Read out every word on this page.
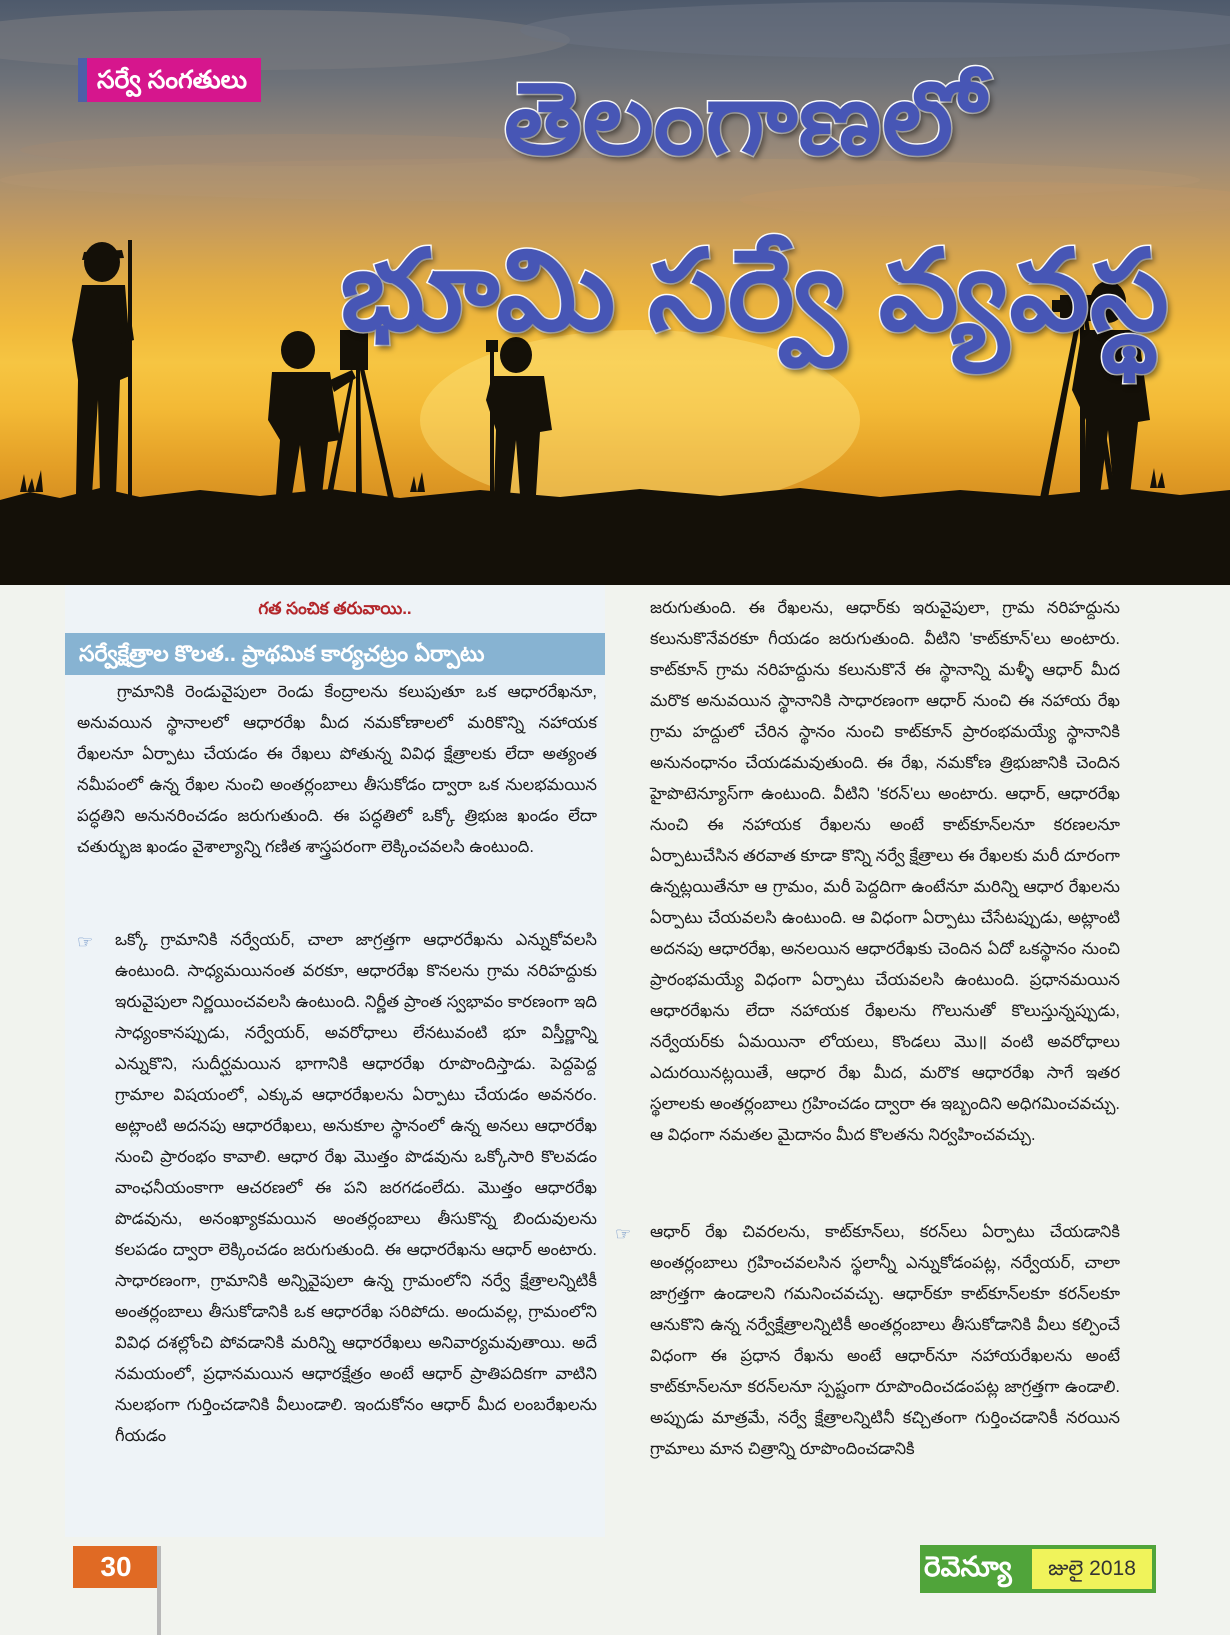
సర్వే సంగతులు	తెలంగాణలో
భూమి సర్వే వ్యవస్థ
గత సంచిక తరువాయి..
సర్వేక్షేత్రాల కొలత.. ప్రాథమిక కార్యచట్రం ఏర్పాటు

గ్రామానికి రెండువైపులా రెండు కేంద్రాలను కలుపుతూ ఒక ఆధారరేఖనూ, అనువయిన స్థానాలలో ఆధారరేఖ మీద నమకోణాలలో మరికొన్ని నహాయక రేఖలనూ ఏర్పాటు చేయడం ఈ రేఖలు పోతున్న వివిధ క్షేత్రాలకు లేదా అత్యంత నమీపంలో ఉన్న రేఖల నుంచి అంతర్లంబాలు తీసుకోడం ద్వారా ఒక నులభమయిన పద్ధతిని అనునరించడం జరుగుతుంది. ఈ పద్ధతిలో ఒక్కో త్రిభుజ ఖండం లేదా చతుర్భుజ ఖండం వైశాల్యాన్ని గణిత శాస్త్రపరంగా లెక్కించవలసి ఉంటుంది.

☞ ఒక్కో గ్రామానికి నర్వేయర్, చాలా జాగ్రత్తగా ఆధారరేఖను ఎన్నుకోవలసి ఉంటుంది. సాధ్యమయినంత వరకూ, ఆధారరేఖ కొనలను గ్రామ నరిహద్దుకు ఇరువైపులా నిర్ణయించవలసి ఉంటుంది. నిర్ణీత ప్రాంత స్వభావం కారణంగా ఇది సాధ్యంకానప్పుడు, నర్వేయర్, అవరోధాలు లేనటువంటి భూ విస్తీర్ణాన్ని ఎన్నుకొని, సుదీర్ఘమయిన భాగానికి ఆధారరేఖ రూపొందిస్తాడు. పెద్దపెద్ద గ్రామాల విషయంలో, ఎక్కువ ఆధారరేఖలను ఏర్పాటు చేయడం అవనరం. అట్లాంటి అదనపు ఆధారరేఖలు, అనుకూల స్థానంలో ఉన్న అనలు ఆధారరేఖ నుంచి ప్రారంభం కావాలి. ఆధార రేఖ మొత్తం పొడవును ఒక్కోసారి కొలవడం వాంఛనీయంకాగా ఆచరణలో ఈ పని జరగడంలేదు. మొత్తం ఆధారరేఖ పొడవును, అనంఖ్యాకమయిన అంతర్లంబాలు తీసుకొన్న బిందువులను కలపడం ద్వారా లెక్కించడం జరుగుతుంది. ఈ ఆధారరేఖను ఆధార్ అంటారు. సాధారణంగా, గ్రామానికి అన్నివైపులా ఉన్న గ్రామంలోని నర్వే క్షేత్రాలన్నిటికీ అంతర్లంబాలు తీసుకోడానికి ఒక ఆధారరేఖ సరిపోదు. అందువల్ల, గ్రామంలోని వివిధ దశల్లోంచి పోవడానికి మరిన్ని ఆధారరేఖలు అనివార్యమవుతాయి. అదే నమయంలో, ప్రధానమయిన ఆధారక్షేత్రం అంటే ఆధార్ ప్రాతిపదికగా వాటిని నులభంగా గుర్తించడానికి వీలుండాలి. ఇందుకోనం ఆధార్ మీద లంబరేఖలను గీయడం

జరుగుతుంది. ఈ రేఖలను, ఆధార్‌కు ఇరువైపులా, గ్రామ నరిహద్దును కలునుకొనేవరకూ గీయడం జరుగుతుంది. వీటిని 'కాట్‌కూన్'లు అంటారు. కాట్‌కూన్ గ్రామ నరిహద్దును కలునుకొనే ఈ స్థానాన్ని మళ్ళీ ఆధార్ మీద మరొక అనువయిన స్థానానికి సాధారణంగా ఆధార్ నుంచి ఈ నహాయ రేఖ గ్రామ హద్దులో చేరిన స్థానం నుంచి కాట్‌కూన్ ప్రారంభమయ్యే స్థానానికి అనునంధానం చేయడమవుతుంది. ఈ రేఖ, నమకోణ త్రిభుజానికి చెందిన హైపొటెన్యూస్‌గా ఉంటుంది. వీటిని 'కరన్'లు అంటారు. ఆధార్, ఆధారరేఖ నుంచి ఈ నహాయక రేఖలను అంటే కాట్‌కూన్‌లనూ కరణలనూ ఏర్పాటుచేసిన తరవాత కూడా కొన్ని నర్వే క్షేత్రాలు ఈ రేఖలకు మరీ దూరంగా ఉన్నట్లయితేనూ ఆ గ్రామం, మరీ పెద్దదిగా ఉంటేనూ మరిన్ని ఆధార రేఖలను ఏర్పాటు చేయవలసి ఉంటుంది. ఆ విధంగా ఏర్పాటు చేసేటప్పుడు, అట్లాంటి అదనపు ఆధారరేఖ, అనలయిన ఆధారరేఖకు చెందిన ఏదో ఒకస్థానం నుంచి ప్రారంభమయ్యే విధంగా ఏర్పాటు చేయవలసి ఉంటుంది. ప్రధానమయిన ఆధారరేఖను లేదా నహాయక రేఖలను గొలునుతో కొలుస్తున్నప్పుడు, నర్వేయర్‌కు ఏమయినా లోయలు, కొండలు మొ॥ వంటి అవరోధాలు ఎదురయినట్లయితే, ఆధార రేఖ మీద, మరొక ఆధారరేఖ సాగే ఇతర స్థలాలకు అంతర్లంబాలు గ్రహించడం ద్వారా ఈ ఇబ్బందిని అధిగమించవచ్చు. ఆ విధంగా నమతల మైదానం మీద కొలతను నిర్వహించవచ్చు.

☞ ఆధార్ రేఖ చివరలను, కాట్‌కూన్‌లు, కరన్‌లు ఏర్పాటు చేయడానికి అంతర్లంబాలు గ్రహించవలసిన స్థలాన్నీ ఎన్నుకోడంపట్ల, నర్వేయర్, చాలా జాగ్రత్తగా ఉండాలని గమనించవచ్చు. ఆధార్‌కూ కాట్‌కూన్‌లకూ కరన్‌లకూ ఆనుకొని ఉన్న నర్వేక్షేత్రాలన్నిటికీ అంతర్లంబాలు తీసుకోడానికి వీలు కల్పించే విధంగా ఈ ప్రధాన రేఖను అంటే ఆధార్‌నూ నహాయరేఖలను అంటే కాట్‌కూన్‌లనూ కరన్‌లనూ స్పష్టంగా రూపొందించడంపట్ల జాగ్రత్తగా ఉండాలి. అప్పుడు మాత్రమే, నర్వే క్షేత్రాలన్నిటినీ కచ్చితంగా గుర్తించడానికీ నరయిన గ్రామాలు మాన చిత్రాన్ని రూపొందించడానికి
30	రెవెన్యూ	జులై 2018
